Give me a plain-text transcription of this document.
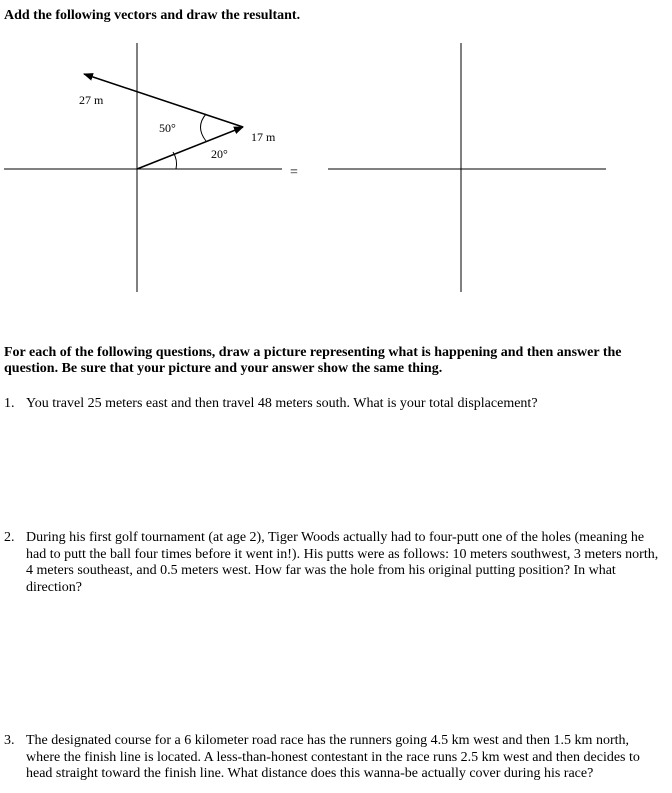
Add the following vectors and draw the resultant.
27 m
17 m
50°
20°
=
For each of the following questions, draw a picture representing what is happening and then answer the question. Be sure that your picture and your answer show the same thing.
1. You travel 25 meters east and then travel 48 meters south. What is your total displacement?
2. During his first golf tournament (at age 2), Tiger Woods actually had to four-putt one of the holes (meaning he had to putt the ball four times before it went in!). His putts were as follows: 10 meters southwest, 3 meters north, 4 meters southeast, and 0.5 meters west. How far was the hole from his original putting position? In what direction?
3. The designated course for a 6 kilometer road race has the runners going 4.5 km west and then 1.5 km north, where the finish line is located. A less-than-honest contestant in the race runs 2.5 km west and then decides to head straight toward the finish line. What distance does this wanna-be actually cover during his race?
